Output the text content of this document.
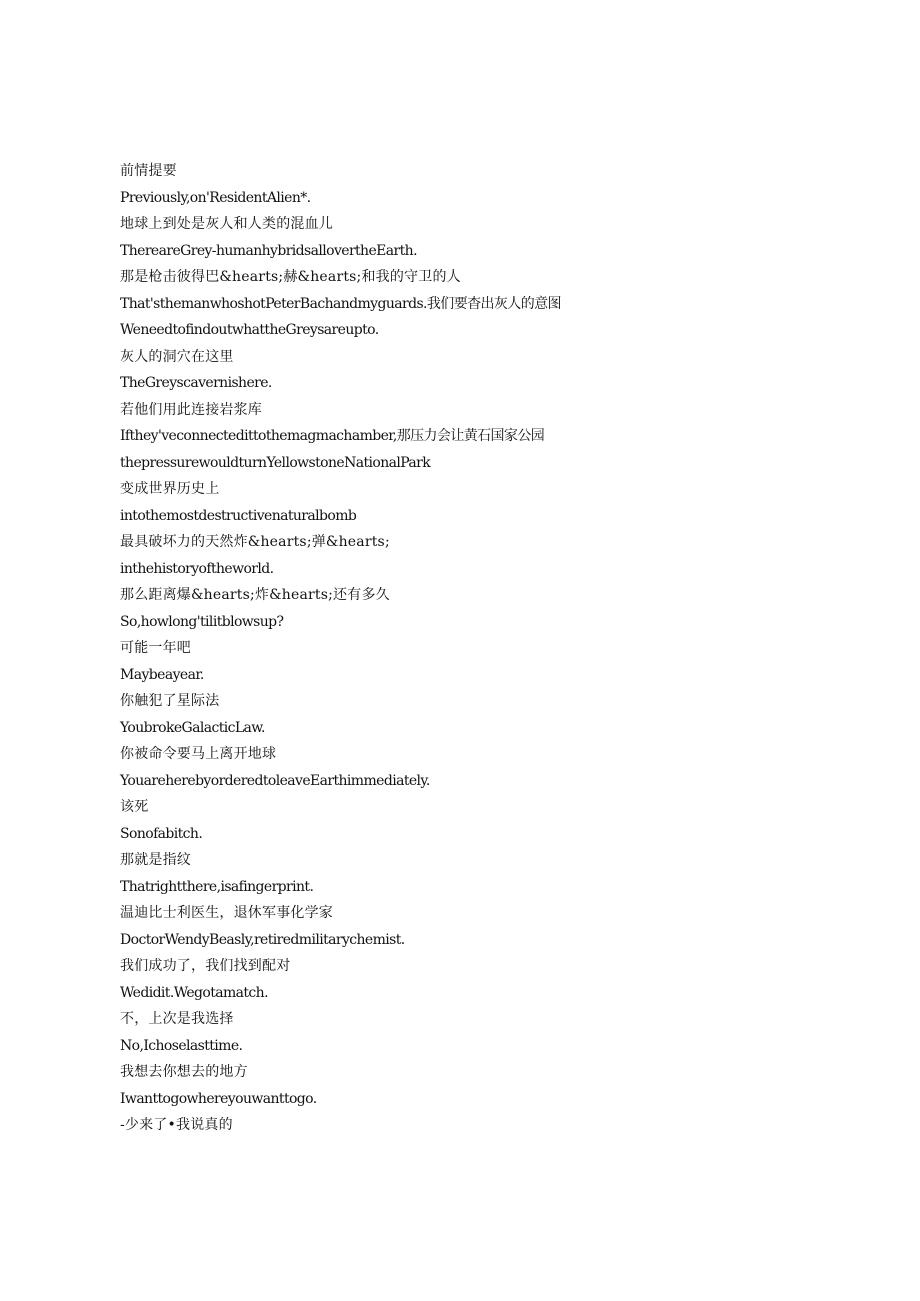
前情提要
Previously,on'ResidentAlien*.
地球上到处是灰人和人类的混血儿
ThereareGrey-humanhybridsallovertheEarth.
那是枪击彼得巴&hearts;赫&hearts;和我的守卫的人
That'sthemanwhoshotPeterBachandmyguards.我们要杳出灰人的意图
WeneedtofindoutwhattheGreysareupto.
灰人的洞穴在这里
TheGreyscavernishere.
若他们用此连接岩浆库
Ifthey'veconnectedittothemagmachamber,那压力会让黄石国家公园
thepressurewouldturnYellowstoneNationalPark
变成世界历史上
intothemostdestructivenaturalbomb
最具破坏力的天然炸&hearts;弹&hearts;
inthehistoryoftheworld.
那么距离爆&hearts;炸&hearts;还有多久
So,howlong'tilitblowsup?
可能一年吧
Maybeayear.
你触犯了星际法
YoubrokeGalacticLaw.
你被命令要马上离开地球
YouareherebyorderedtoleaveEarthimmediately.
该死
Sonofabitch.
那就是指纹
Thatrightthere,isafingerprint.
温迪比士利医生，退休军事化学家
DoctorWendyBeasly,retiredmilitarychemist.
我们成功了，我们找到配对
Wedidit.Wegotamatch.
不，上次是我选择
No,Ichoselasttime.
我想去你想去的地方
Iwanttogowhereyouwanttogo.
-少来了•我说真的
